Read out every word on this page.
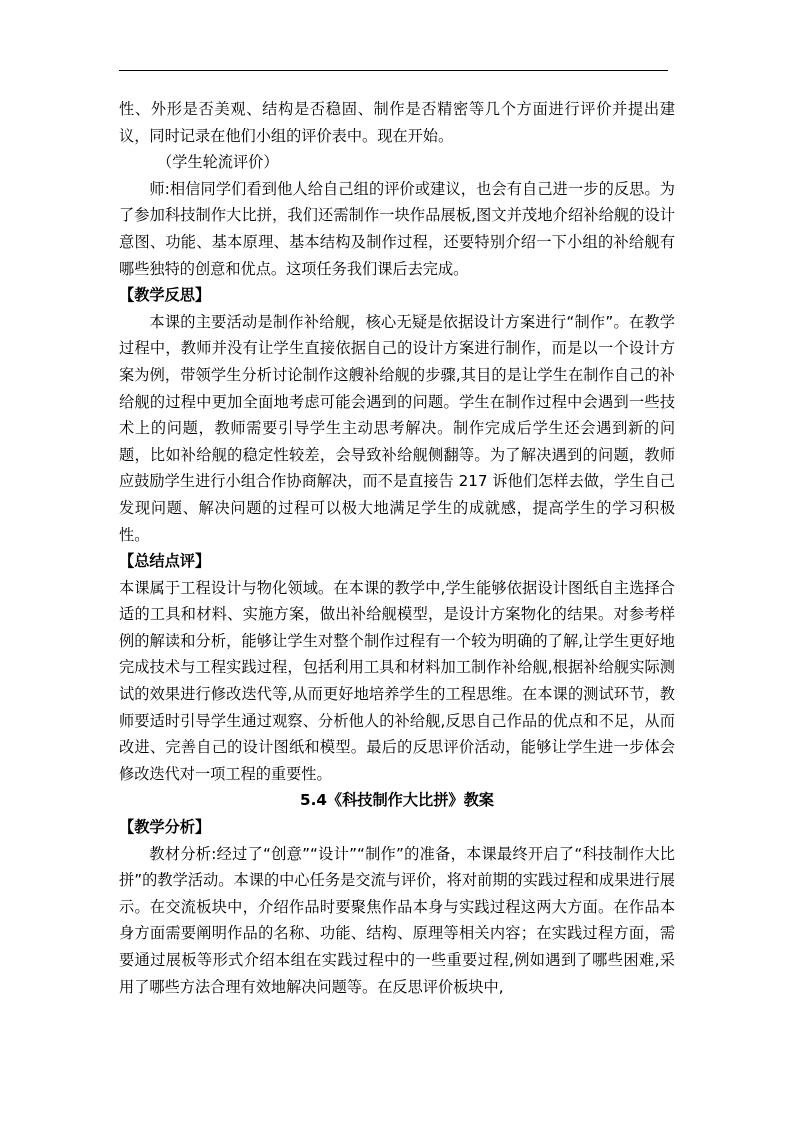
性、外形是否美观、结构是否稳固、制作是否精密等几个方面进行评价并提出建议，同时记录在他们小组的评价表中。现在开始。

（学生轮流评价）

师:相信同学们看到他人给自己组的评价或建议，也会有自己进一步的反思。为了参加科技制作大比拼，我们还需制作一块作品展板,图文并茂地介绍补给舰的设计意图、功能、基本原理、基本结构及制作过程，还要特别介绍一下小组的补给舰有哪些独特的创意和优点。这项任务我们课后去完成。

【教学反思】

本课的主要活动是制作补给舰，核心无疑是依据设计方案进行“制作”。在教学过程中，教师并没有让学生直接依据自己的设计方案进行制作，而是以一个设计方案为例，带领学生分析讨论制作这艘补给舰的步骤,其目的是让学生在制作自己的补给舰的过程中更加全面地考虑可能会遇到的问题。学生在制作过程中会遇到一些技术上的问题，教师需要引导学生主动思考解决。制作完成后学生还会遇到新的问题，比如补给舰的稳定性较差，会导致补给舰侧翻等。为了解决遇到的问题，教师应鼓励学生进行小组合作协商解决，而不是直接告 217 诉他们怎样去做，学生自己发现问题、解决问题的过程可以极大地满足学生的成就感，提高学生的学习积极性。

【总结点评】

本课属于工程设计与物化领域。在本课的教学中,学生能够依据设计图纸自主选择合适的工具和材料、实施方案，做出补给舰模型，是设计方案物化的结果。对参考样例的解读和分析，能够让学生对整个制作过程有一个较为明确的了解,让学生更好地完成技术与工程实践过程，包括利用工具和材料加工制作补给舰,根据补给舰实际测试的效果进行修改迭代等,从而更好地培养学生的工程思维。在本课的测试环节，教师要适时引导学生通过观察、分析他人的补给舰,反思自己作品的优点和不足，从而改进、完善自己的设计图纸和模型。最后的反思评价活动，能够让学生进一步体会修改迭代对一项工程的重要性。

5.4《科技制作大比拼》教案

【教学分析】

教材分析:经过了“创意”“设计”“制作”的准备，本课最终开启了“科技制作大比拼”的教学活动。本课的中心任务是交流与评价，将对前期的实践过程和成果进行展示。在交流板块中，介绍作品时要聚焦作品本身与实践过程这两大方面。在作品本身方面需要阐明作品的名称、功能、结构、原理等相关内容；在实践过程方面，需要通过展板等形式介绍本组在实践过程中的一些重要过程,例如遇到了哪些困难,采用了哪些方法合理有效地解决问题等。在反思评价板块中,
